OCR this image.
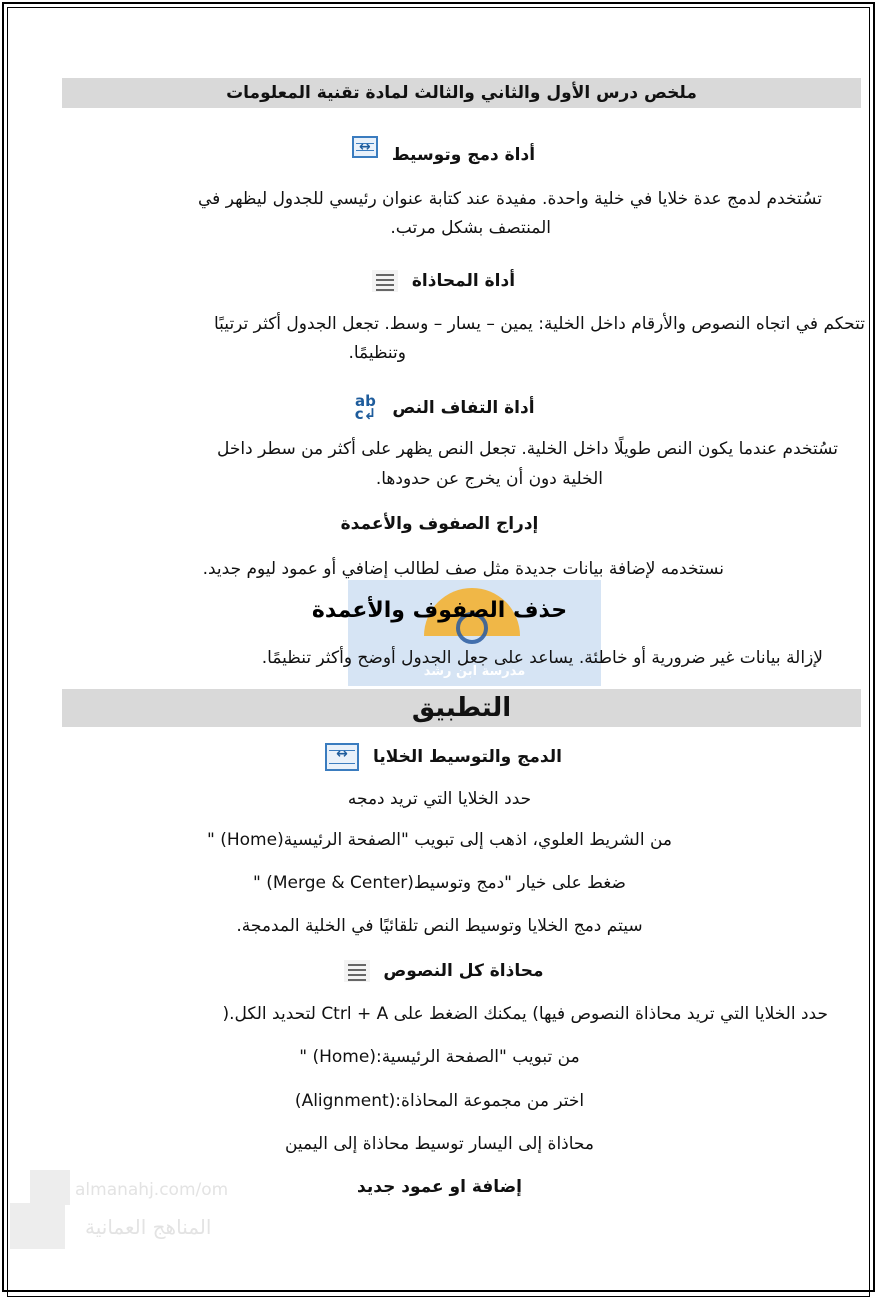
ملخص درس الأول والثاني والثالث لمادة تقنية المعلومات
أداة دمج وتوسيط ↔
تسُتخدم لدمج عدة خلايا في خلية واحدة. مفيدة عند كتابة عنوان رئيسي للجدول ليظهر في
المنتصف بشكل مرتب.
أداة المحاذاة
تتحكم في اتجاه النصوص والأرقام داخل الخلية: يمين – يسار – وسط. تجعل الجدول أكثر ترتيبًا
وتنظيمًا.
أداة التفاف النص ab c↲
تسُتخدم عندما يكون النص طويلًا داخل الخلية. تجعل النص يظهر على أكثر من سطر داخل
الخلية دون أن يخرج عن حدودها.
إدراج الصفوف والأعمدة
نستخدمه لإضافة بيانات جديدة مثل صف لطالب إضافي أو عمود ليوم جديد.
مدرسة ابن رشد
حذف الصفوف والأعمدة
لإزالة بيانات غير ضرورية أو خاطئة. يساعد على جعل الجدول أوضح وأكثر تنظيمًا.
التطبيق
الدمج والتوسيط الخلايا ↔
حدد الخلايا التي تريد دمجه
من الشريط العلوي، اذهب إلى تبويب "الصفحة الرئيسية(Home) "
ضغط على خيار "دمج وتوسيط(Merge & Center) "
سيتم دمج الخلايا وتوسيط النص تلقائيًا في الخلية المدمجة.
محاذاة كل النصوص
حدد الخلايا التي تريد محاذاة النصوص فيها) يمكنك الضغط على Ctrl + A لتحديد الكل.(
من تبويب "الصفحة الرئيسية:(Home) "
اختر من مجموعة المحاذاة:(Alignment)
محاذاة إلى اليسار توسيط محاذاة إلى اليمين
إضافة او عمود جديد
almanahj.com/om
المناهج العمانية
